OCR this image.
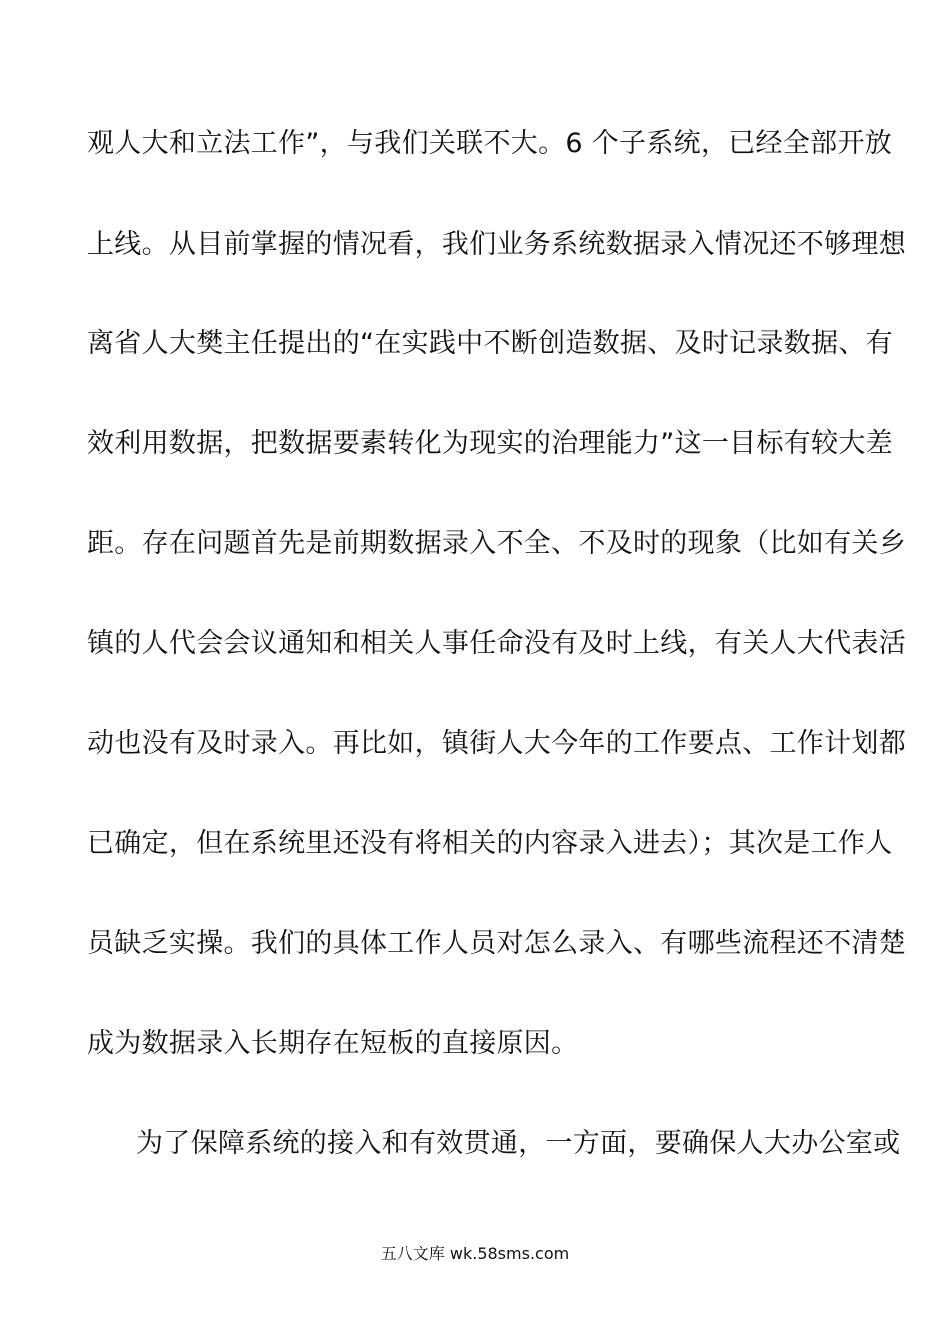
观人大和立法工作”，与我们关联不大。6 个子系统，已经全部开放
上线。从目前掌握的情况看，我们业务系统数据录入情况还不够理想
离省人大樊主任提出的“在实践中不断创造数据、及时记录数据、有
效利用数据，把数据要素转化为现实的治理能力”这一目标有较大差
距。存在问题首先是前期数据录入不全、不及时的现象（比如有关乡
镇的人代会会议通知和相关人事任命没有及时上线，有关人大代表活
动也没有及时录入。再比如，镇街人大今年的工作要点、工作计划都
已确定，但在系统里还没有将相关的内容录入进去）；其次是工作人
员缺乏实操。我们的具体工作人员对怎么录入、有哪些流程还不清楚
成为数据录入长期存在短板的直接原因。
为了保障系统的接入和有效贯通，一方面，要确保人大办公室或
五八文库 wk.58sms.com
